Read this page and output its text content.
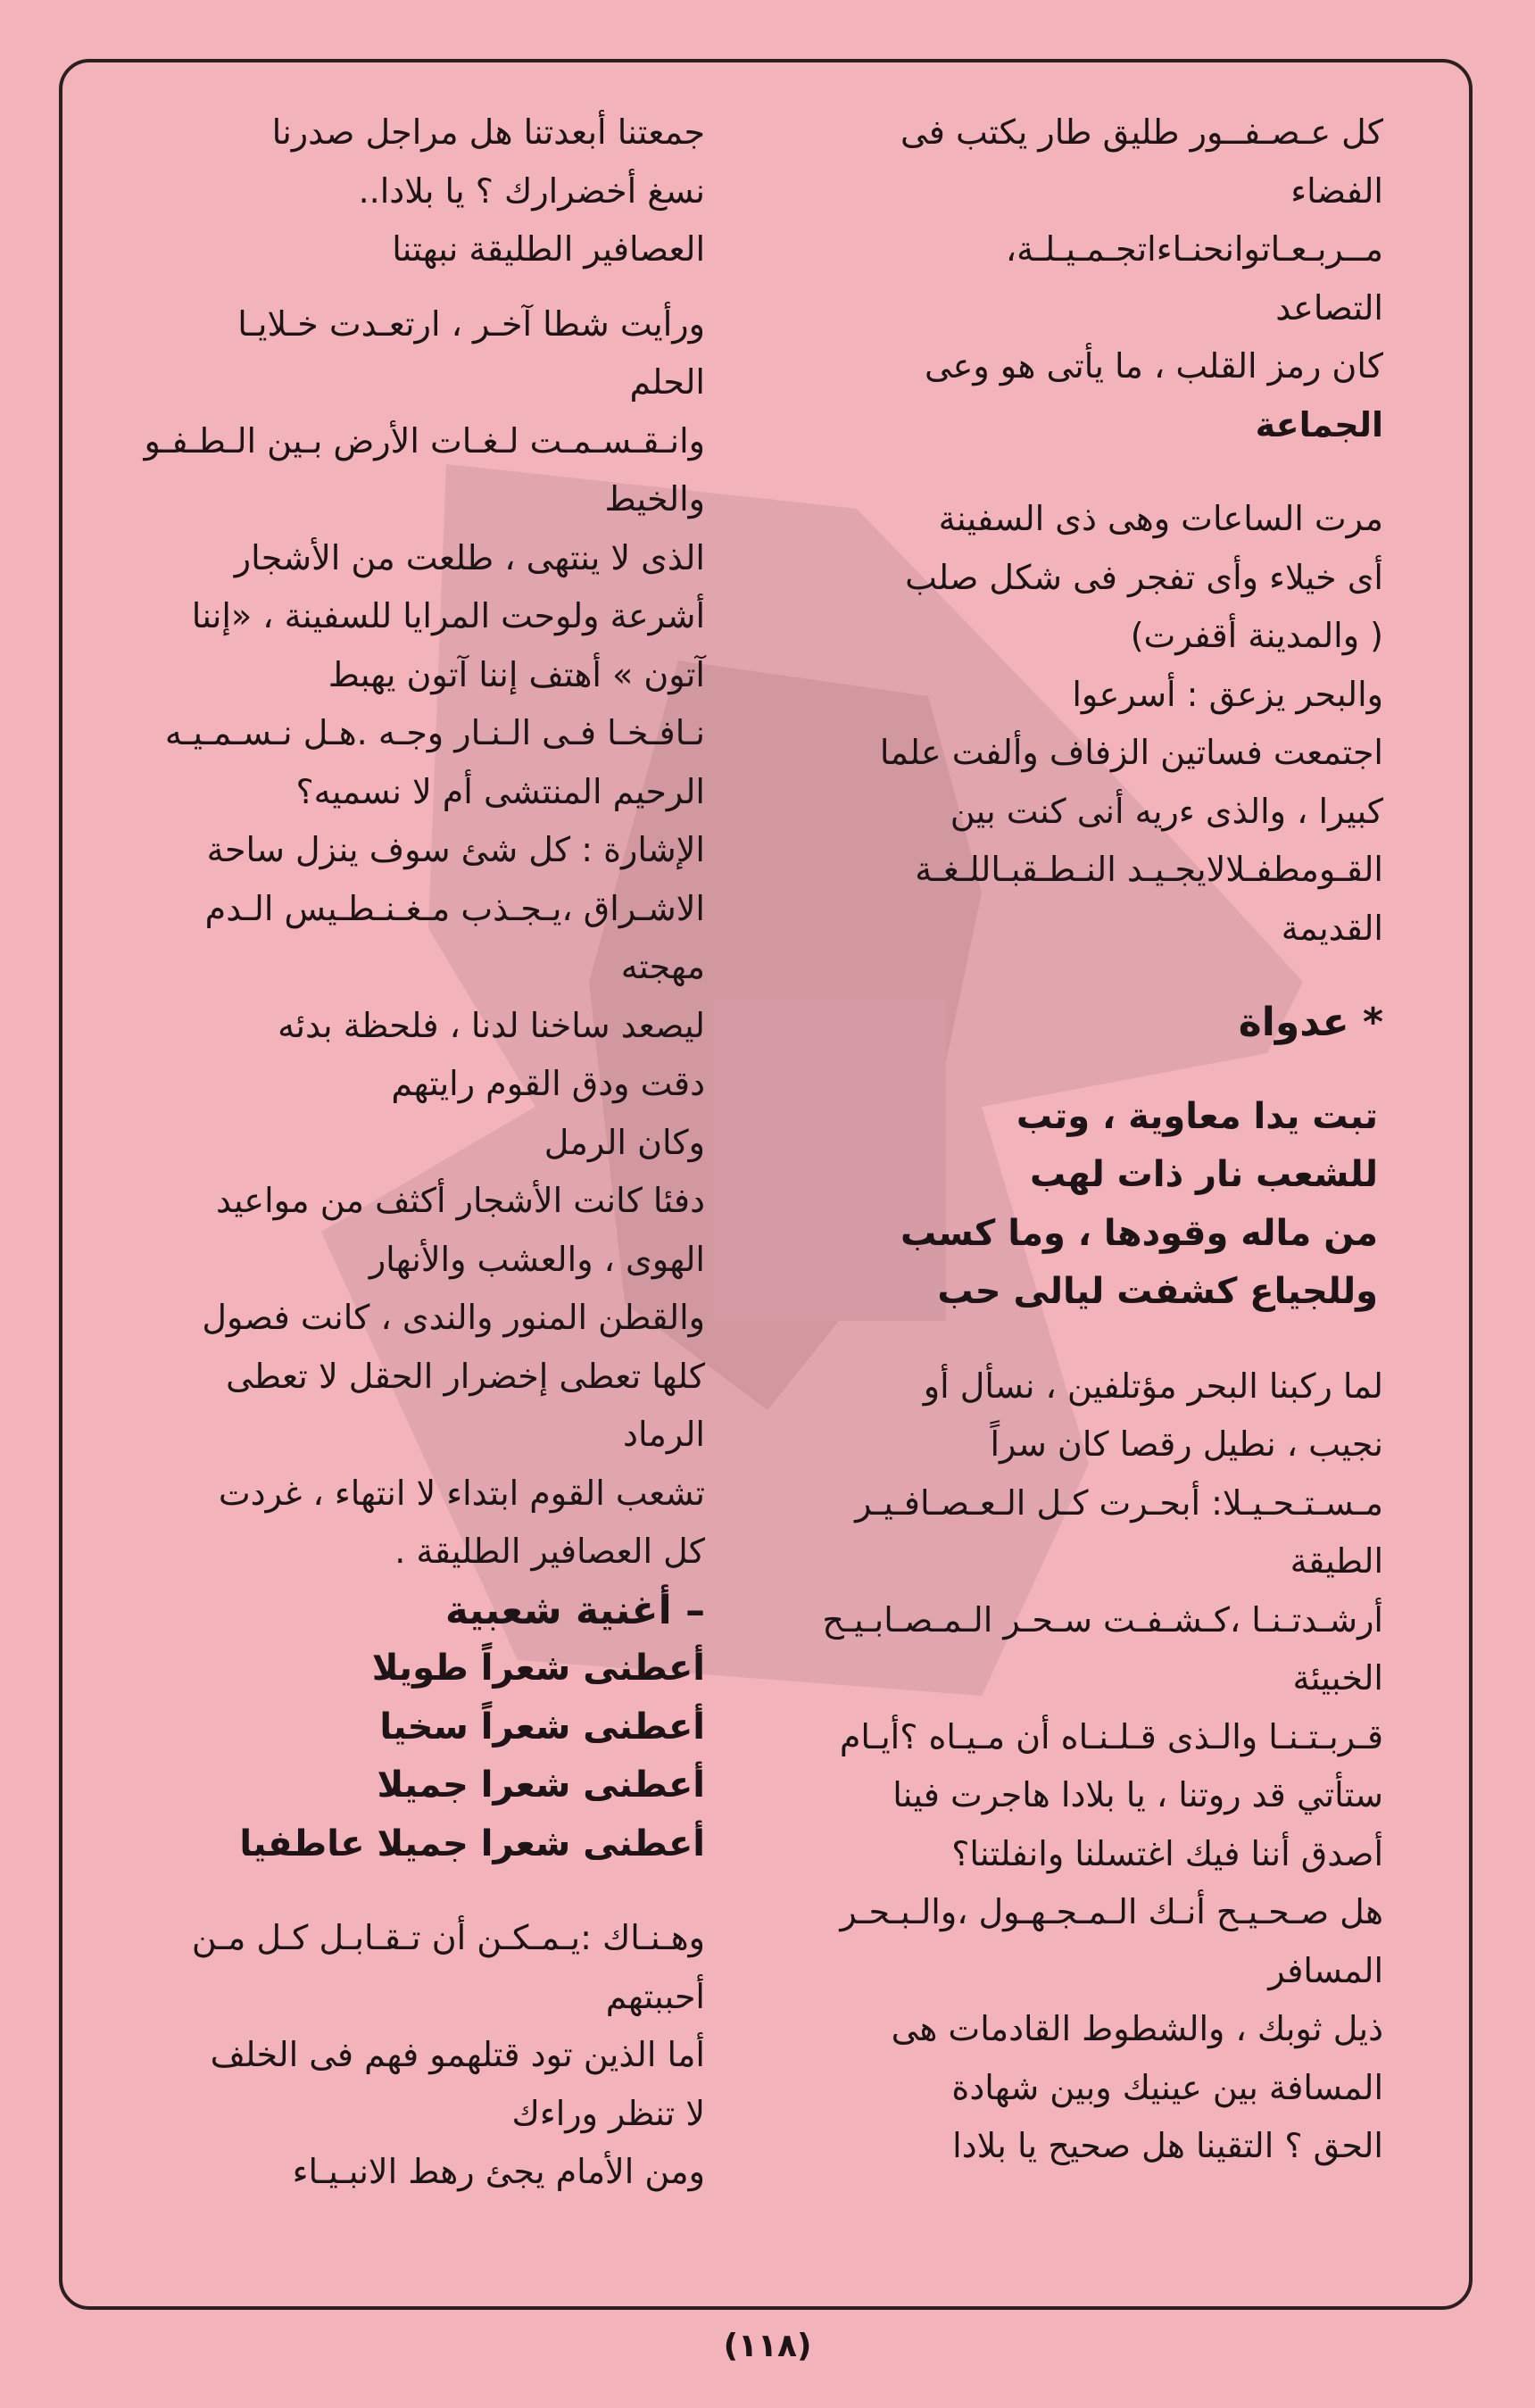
كل عـصـفــور طليق طار يكتب فى
الفضاء
مــربـعـاتوانحنـاءاتجـمـيـلـة،
التصاعد
كان رمز القلب ، ما يأتى هو وعى
الجماعة
مرت الساعات وهى ذى السفينة
أى خيلاء وأى تفجر فى شكل صلب
( والمدينة أقفرت)
والبحر يزعق : أسرعوا
اجتمعت فساتين الزفاف وألفت علما
كبيرا ، والذى ءريه أنى كنت بين
القـومطفـلالايجـيـد النـطـقبـاللـغـة
القديمة
* عدواة
تبت يدا معاوية ، وتب
للشعب نار ذات لهب
من ماله وقودها ، وما كسب
وللجياع كشفت ليالى حب
لما ركبنا البحر مؤتلفين ، نسأل أو
نجيب ، نطيل رقصا كان سراً
مـسـتـحـيـلا: أبحـرت كـل الـعـصـافـيـر
الطيقة
أرشـدتـنـا ،كـشـفـت سـحـر الـمـصـابـيـح
الخبيئة
قـربـتـنـا والـذى قـلـنـاه أن مـيـاه ؟أيـام
ستأتي قد روتنا ، يا بلادا هاجرت فينا
أصدق أننا فيك اغتسلنا وانفلتنا؟
هل صـحـيـح أنـك الـمـجـهـول ،والـبـحـر
المسافر
ذيل ثوبك ، والشطوط القادمات هى
المسافة بين عينيك وبين شهادة
الحق ؟ التقينا هل صحيح يا بلادا
جمعتنا أبعدتنا هل مراجل صدرنا
نسغ أخضرارك ؟ يا بلادا..
العصافير الطليقة نبهتنا
ورأيت شطا آخـر ، ارتعـدت خـلايـا
الحلم
وانـقـسـمـت لـغـات الأرض بـين الـطـفـو
والخيط
الذى لا ينتهى ، طلعت من الأشجار
أشرعة ولوحت المرايا للسفينة ، «إننا
آتون » أهتف إننا آتون يهبط
نـافـخـا فـى الـنـار وجـه .هـل نـسـمـيـه
الرحيم المنتشى أم لا نسميه؟
الإشارة : كل شئ سوف ينزل ساحة
الاشـراق ،يـجـذب مـغـنـطـيس الـدم
مهجته
ليصعد ساخنا لدنا ، فلحظة بدئه
دقت ودق القوم رايتهم
وكان الرمل
دفئا كانت الأشجار أكثف من مواعيد
الهوى ، والعشب والأنهار
والقطن المنور والندى ، كانت فصول
كلها تعطى إخضرار الحقل لا تعطى
الرماد
تشعب القوم ابتداء لا انتهاء ، غردت
كل العصافير الطليقة .
– أغنية شعبية
أعطنى شعراً طويلا
أعطنى شعراً سخيا
أعطنى شعرا جميلا
أعطنى شعرا جميلا عاطفيا
وهـنـاك :يـمـكـن أن تـقـابـل كـل مـن
أحببتهم
أما الذين تود قتلهمو فهم فى الخلف
لا تنظر وراءك
ومن الأمام يجئ رهط الانبـيـاء
(١١٨)
